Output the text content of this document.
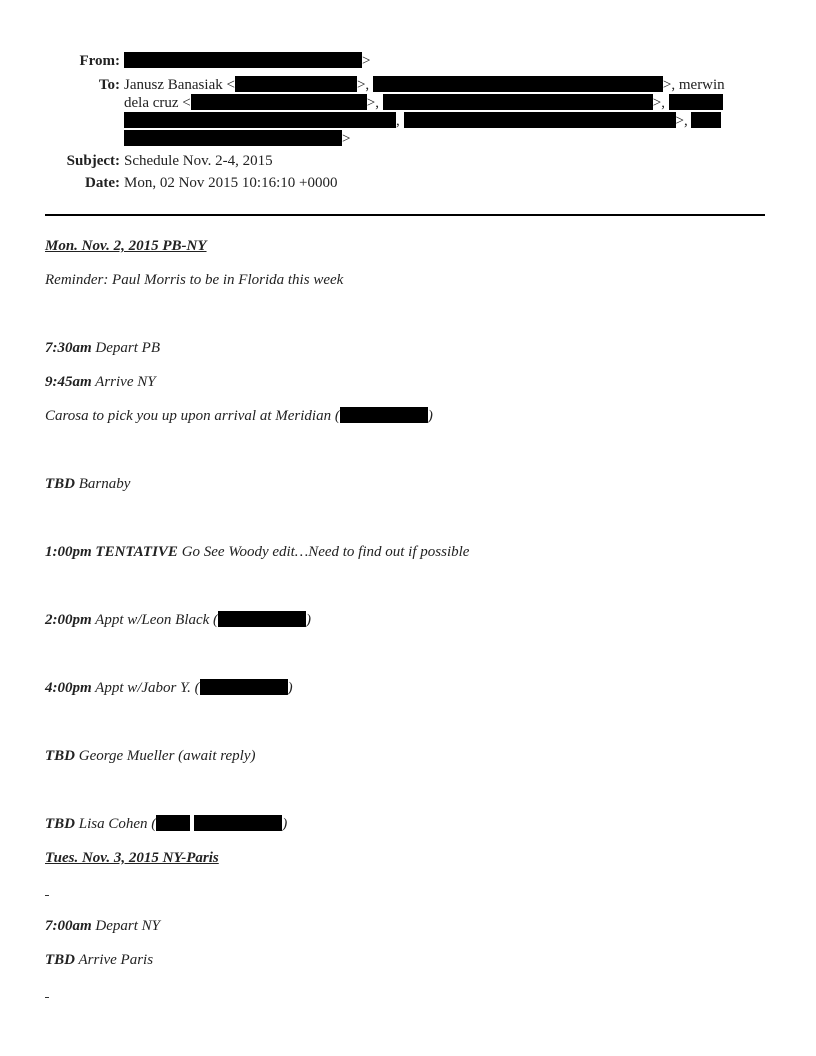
From:	>
To: Janusz Banasiak <	>,	>, merwin
dela cruz <	>,	>,
,	>,
>
Subject: Schedule Nov. 2-4, 2015
Date: Mon, 02 Nov 2015 10:16:10 +0000
Mon. Nov. 2, 2015 PB-NY
Reminder: Paul Morris to be in Florida this week
7:30am Depart PB
9:45am Arrive NY
Carosa to pick you up upon arrival at Meridian (	)
TBD Barnaby
1:00pm TENTATIVE Go See Woody edit…Need to find out if possible
2:00pm Appt w/Leon Black (	)
4:00pm Appt w/Jabor Y. (	)
TBD George Mueller (await reply)
TBD Lisa Cohen (	)
Tues. Nov. 3, 2015 NY-Paris
7:00am Depart NY
TBD Arrive Paris
